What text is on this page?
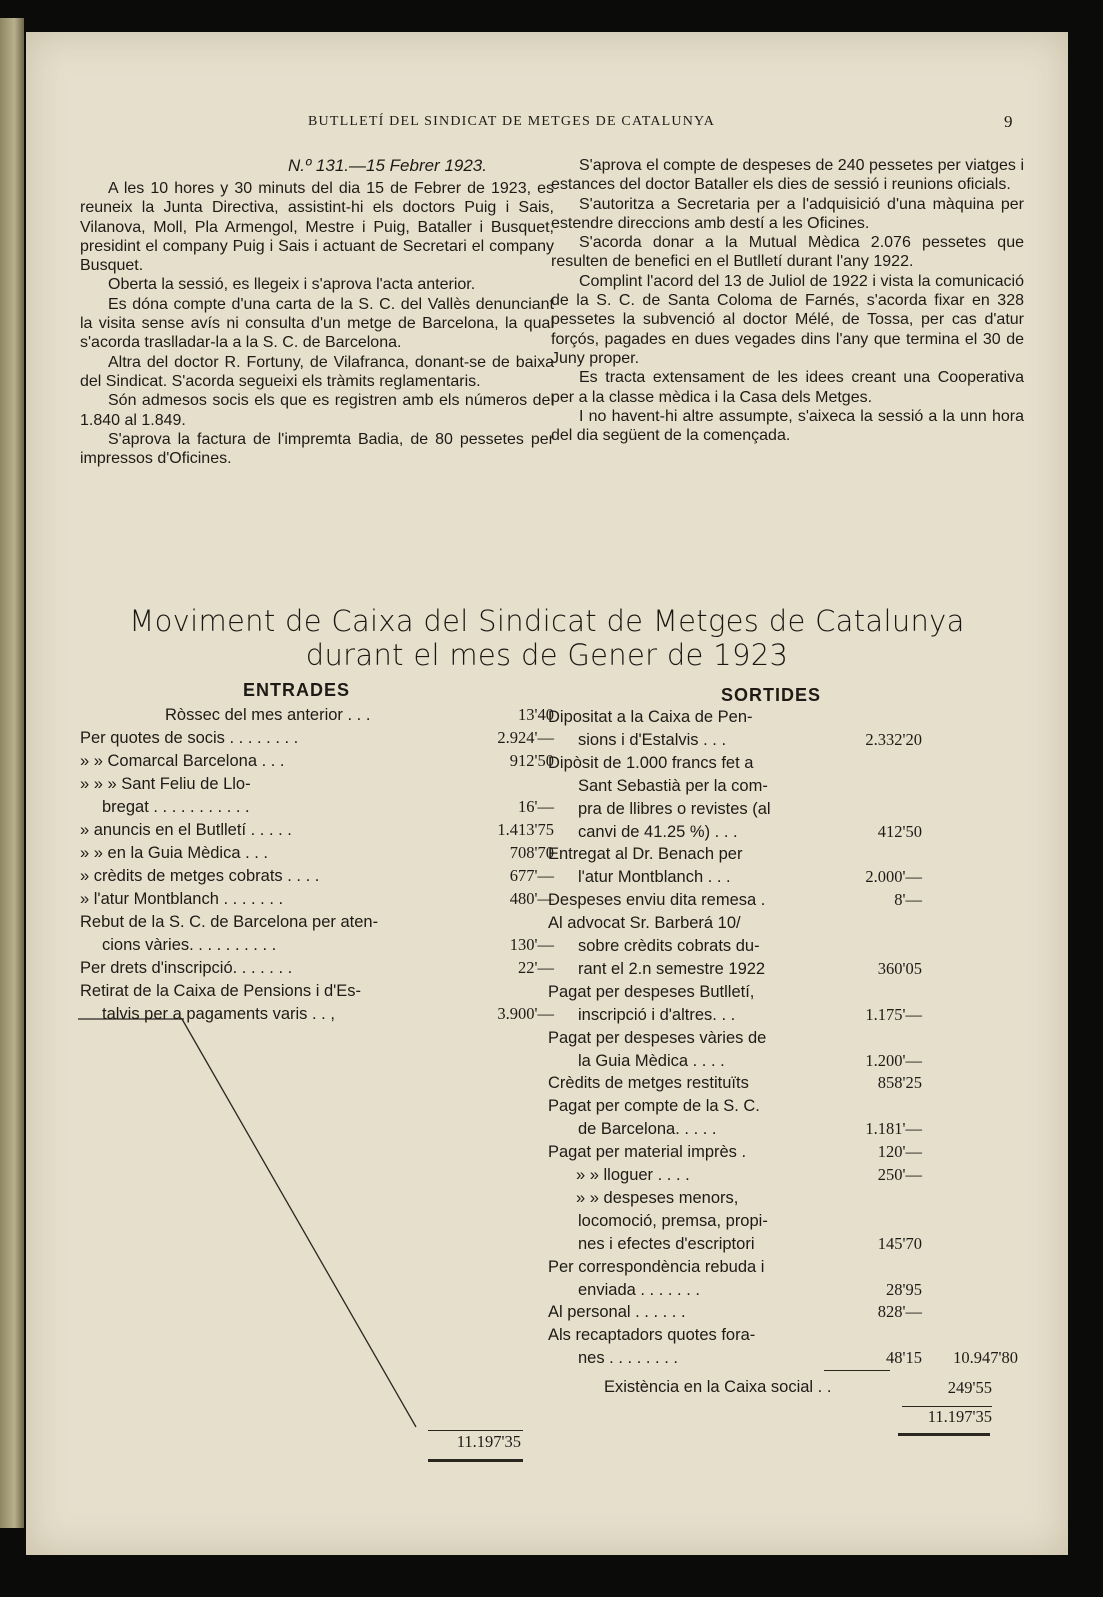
BUTLLETÍ DEL SINDICAT DE METGES DE CATALUNYA	9
N.º 131.—15 Febrer 1923.

A les 10 hores y 30 minuts del dia 15 de Febrer de 1923, es reuneix la Junta Directiva, assistint-hi els doctors Puig i Sais, Vilanova, Moll, Pla Armengol, Mestre i Puig, Bataller i Busquet, presidint el company Puig i Sais i actuant de Secretari el company Busquet.

Oberta la sessió, es llegeix i s'aprova l'acta anterior.

Es dóna compte d'una carta de la S. C. del Vallès denunciant la visita sense avís ni consulta d'un metge de Barcelona, la qual s'acorda traslladar-la a la S. C. de Barcelona.

Altra del doctor R. Fortuny, de Vilafranca, donant-se de baixa del Sindicat. S'acorda segueixi els tràmits reglamentaris.

Són admesos socis els que es registren amb els números del 1.840 al 1.849.

S'aprova la factura de l'impremta Badia, de 80 pessetes per impressos d'Oficines.

S'aprova el compte de despeses de 240 pessetes per viatges i estances del doctor Bataller els dies de sessió i reunions oficials.

S'autoritza a Secretaria per a l'adquisició d'una màquina per estendre direccions amb destí a les Oficines.

S'acorda donar a la Mutual Mèdica 2.076 pessetes que resulten de benefici en el Butlletí durant l'any 1922.

Complint l'acord del 13 de Juliol de 1922 i vista la comunicació de la S. C. de Santa Coloma de Farnés, s'acorda fixar en 328 pessetes la subvenció al doctor Mélé, de Tossa, per cas d'atur forçós, pagades en dues vegades dins l'any que termina el 30 de Juny proper.

Es tracta extensament de les idees creant una Cooperativa per a la classe mèdica i la Casa dels Metges.

I no havent-hi altre assumpte, s'aixeca la sessió a la unn hora del dia següent de la començada.

Moviment de Caixa del Sindicat de Metges de Catalunya
durant el mes de Gener de 1923
ENTRADES	SORTIDES
11.197'35
Existència en la Caixa social . .	249'55
11.197'35
Ròssec del mes anterior . . .	13'40
Per quotes de socis . . . . . . . .	2.924'—
» » Comarcal Barcelona . . .	912'50
» » » Sant Feliu de Llo-
bregat . . . . . . . . . . .	16'—
» anuncis en el Butlletí . . . . .	1.413'75
» » en la Guia Mèdica . . .	708'70
» crèdits de metges cobrats . . . .	677'—
» l'atur Montblanch . . . . . . .	480'—
Rebut de la S. C. de Barcelona per aten-
cions vàries. . . . . . . . . .	130'—
Per drets d'inscripció. . . . . . .	22'—
Retirat de la Caixa de Pensions i d'Es-
talvis per a pagaments varis . . ,	3.900'—
Dipositat a la Caixa de Pen-
sions i d'Estalvis . . .	2.332'20
Dipòsit de 1.000 francs fet a
Sant Sebastià per la com-
pra de llibres o revistes (al
canvi de 41.25 %) . . .	412'50
Entregat al Dr. Benach per
l'atur Montblanch . . .	2.000'—
Despeses enviu dita remesa .	8'—
Al advocat Sr. Barberá 10/
sobre crèdits cobrats du-
rant el 2.n semestre 1922	360'05
Pagat per despeses Butlletí,
inscripció i d'altres. . .	1.175'—
Pagat per despeses vàries de
la Guia Mèdica . . . .	1.200'—
Crèdits de metges restituïts	858'25
Pagat per compte de la S. C.
de Barcelona. . . . .	1.181'—
Pagat per material imprès .	120'—
» » lloguer . . . .	250'—
» » despeses menors,
locomoció, premsa, propi-
nes i efectes d'escriptori	145'70
Per correspondència rebuda i
enviada . . . . . . .	28'95
Al personal . . . . . .	828'—
Als recaptadors quotes fora-
nes . . . . . . . .	48'15	10.947'80
